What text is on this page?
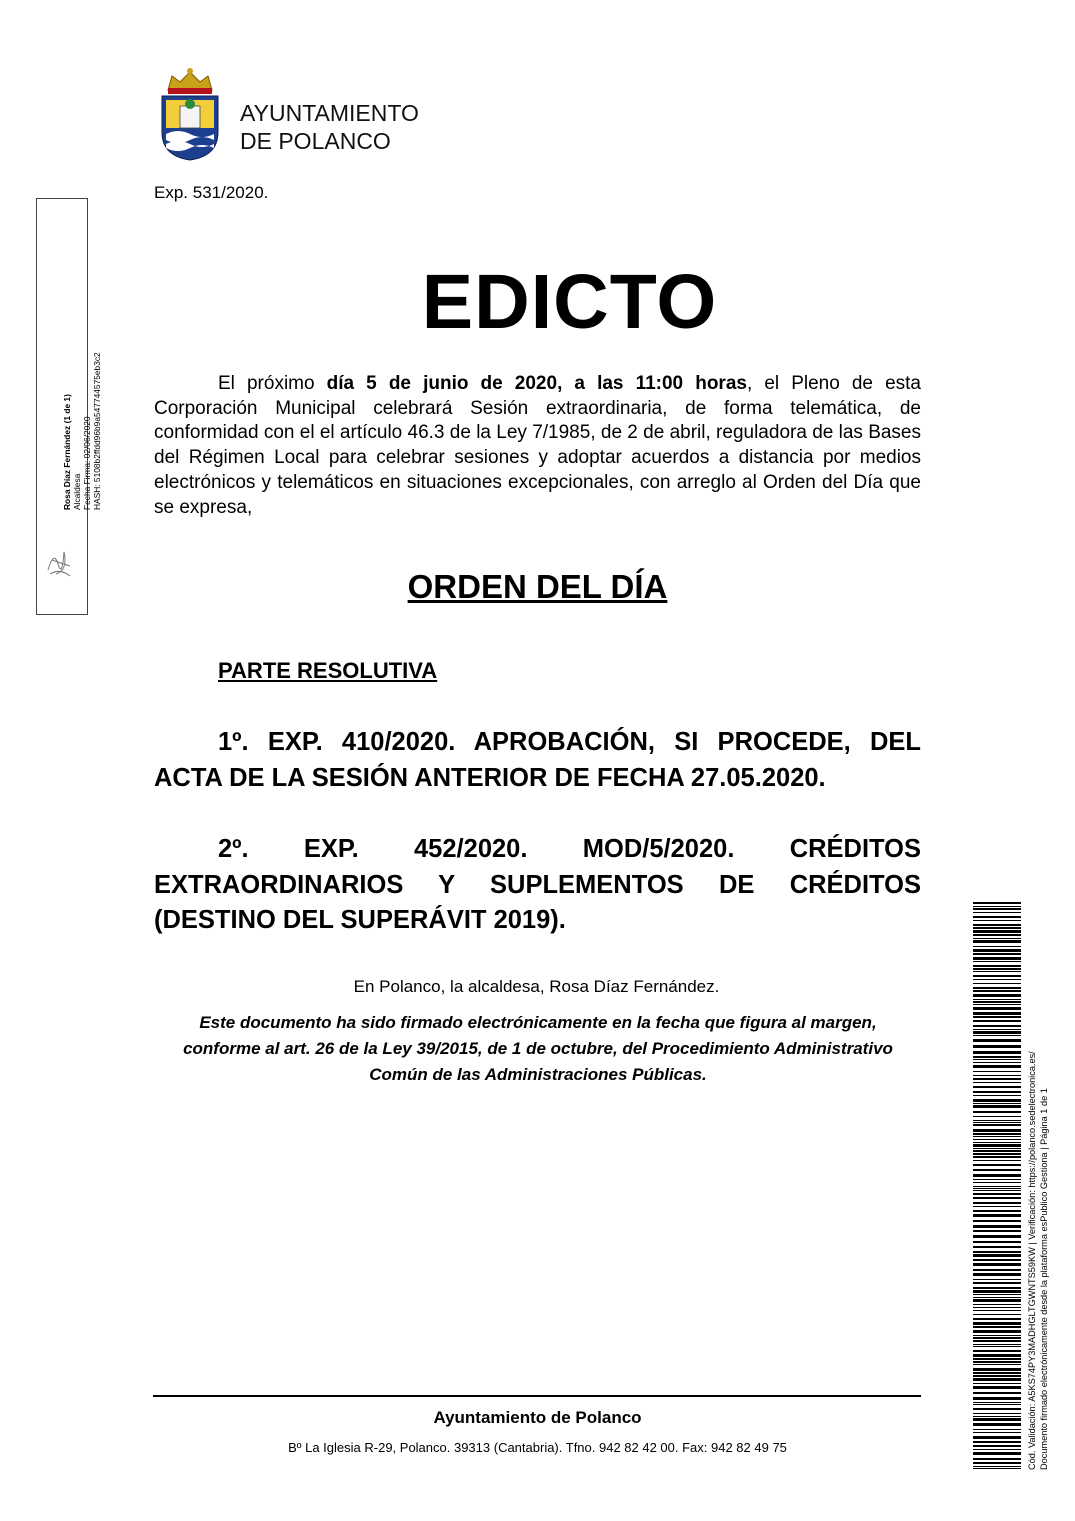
AYUNTAMIENTO
DE POLANCO
Exp. 531/2020.
Rosa Díaz Fernández (1 de 1) Alcaldesa Fecha Firma: 02/06/2020 HASH: 5108b2ffdd96b9a547744575eb3c2
EDICTO
El próximo día 5 de junio de 2020, a las 11:00 horas, el Pleno de esta Corporación Municipal celebrará Sesión extraordinaria, de forma telemática, de conformidad con el el artículo 46.3 de la Ley 7/1985, de 2 de abril, reguladora de las Bases del Régimen Local para celebrar sesiones y adoptar acuerdos a distancia por medios electrónicos y telemáticos en situaciones excepcionales, con arreglo al Orden del Día que se expresa,
ORDEN DEL DÍA
PARTE RESOLUTIVA
1º. EXP. 410/2020. APROBACIÓN, SI PROCEDE, DEL ACTA DE LA SESIÓN ANTERIOR DE FECHA 27.05.2020.
2º. EXP. 452/2020. MOD/5/2020. CRÉDITOS EXTRAORDINARIOS Y SUPLEMENTOS DE CRÉDITOS (DESTINO DEL SUPERÁVIT 2019).
En Polanco, la alcaldesa, Rosa Díaz Fernández.
Este documento ha sido firmado electrónicamente en la fecha que figura al margen, conforme al art. 26 de la Ley 39/2015, de 1 de octubre, del Procedimiento Administrativo Común de las Administraciones Públicas.
Ayuntamiento de Polanco
Bº La Iglesia R-29, Polanco. 39313 (Cantabria). Tfno. 942 82 42 00. Fax: 942 82 49 75	Cód. Validación: A5KS74PY3MADHGLTGWNTS59KW | Verificación: https://polanco.sedelectronica.es/ Documento firmado electrónicamente desde la plataforma esPublico Gestiona | Página 1 de 1
